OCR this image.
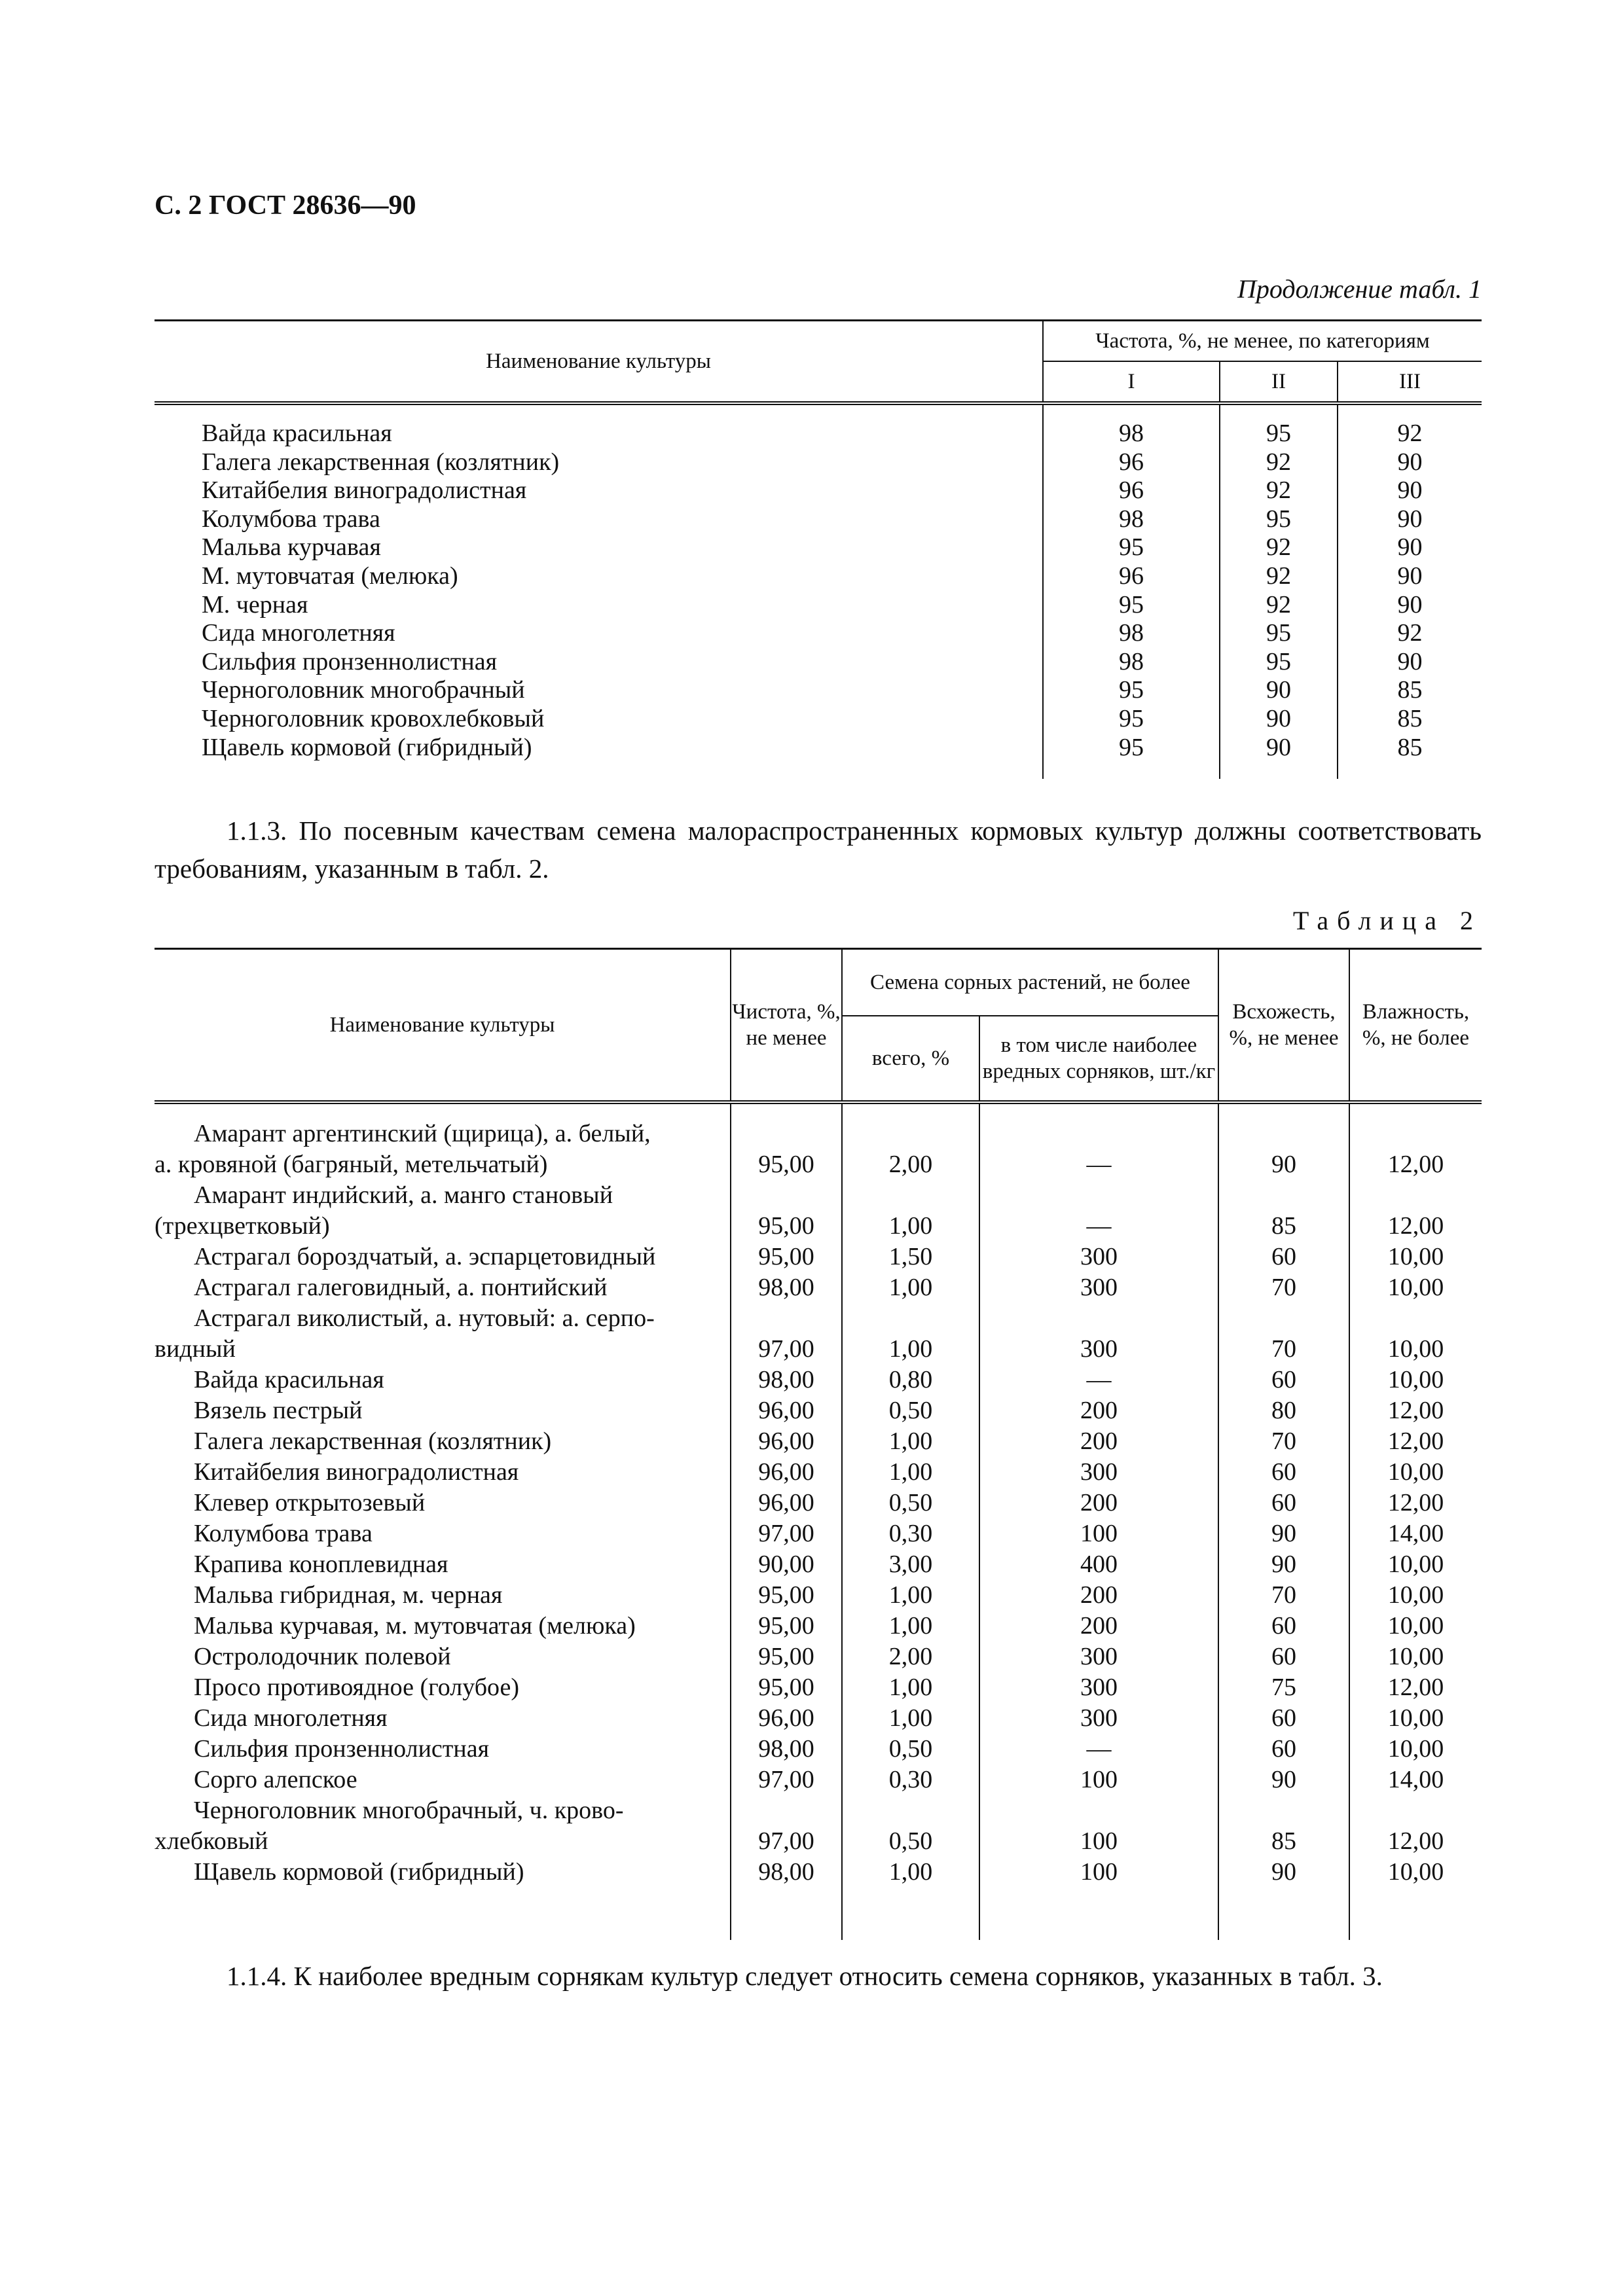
С. 2 ГОСТ 28636—90
Продолжение табл. 1
Наименование культуры	Частота, %, не менее, по категориям		
	I	II	III
Вайда красильная	98	95	92
Галега лекарственная (козлятник)	96	92	90
Китайбелия виноградолистная	96	92	90
Колумбова трава	98	95	90
Мальва курчавая	95	92	90
М. мутовчатая (мелюка)	96	92	90
М. черная	95	92	90
Сида многолетняя	98	95	92
Сильфия пронзеннолистная	98	95	90
Черноголовник многобрачный	95	90	85
Черноголовник кровохлебковый	95	90	85
Щавель кормовой (гибридный)	95	90	85
1.1.3. По посевным качествам семена малораспространенных кормовых культур должны соответствовать требованиям, указанным в табл. 2.
Таблица 2
Наименование культуры	Чистота, %, не менее	Семена сорных растений, не более		Всхожесть, %, не менее	Влажность, %, не более
		всего, %	в том числе наиболее вредных сорняков, шт./кг		

Амарант аргентинский (щирица), а. белый,
а. кровяной (багряный, метельчатый)	95,00	2,00	—	90	12,00

Амарант индийский, а. манго становый
(трехцветковый)	95,00	1,00	—	85	12,00

Астрагал бороздчатый, а. эспарцетовидный	95,00	1,50	300	60	10,00

Астрагал галеговидный, а. понтийский	98,00	1,00	300	70	10,00

Астрагал виколистый, а. нутовый: а. серпо-
видный	97,00	1,00	300	70	10,00

Вайда красильная	98,00	0,80	—	60	10,00

Вязель пестрый	96,00	0,50	200	80	12,00

Галега лекарственная (козлятник)	96,00	1,00	200	70	12,00

Китайбелия виноградолистная	96,00	1,00	300	60	10,00

Клевер открытозевый	96,00	0,50	200	60	12,00

Колумбова трава	97,00	0,30	100	90	14,00

Крапива коноплевидная	90,00	3,00	400	90	10,00

Мальва гибридная, м. черная	95,00	1,00	200	70	10,00

Мальва курчавая, м. мутовчатая (мелюка)	95,00	1,00	200	60	10,00

Остролодочник полевой	95,00	2,00	300	60	10,00

Просо противоядное (голубое)	95,00	1,00	300	75	12,00

Сида многолетняя	96,00	1,00	300	60	10,00

Сильфия пронзеннолистная	98,00	0,50	—	60	10,00

Сорго алепское	97,00	0,30	100	90	14,00

Черноголовник многобрачный, ч. крово-
хлебковый	97,00	0,50	100	85	12,00

Щавель кормовой (гибридный)	98,00	1,00	100	90	10,00

1.1.4. К наиболее вредным сорнякам культур следует относить семена сорняков, указанных в табл. 3.
